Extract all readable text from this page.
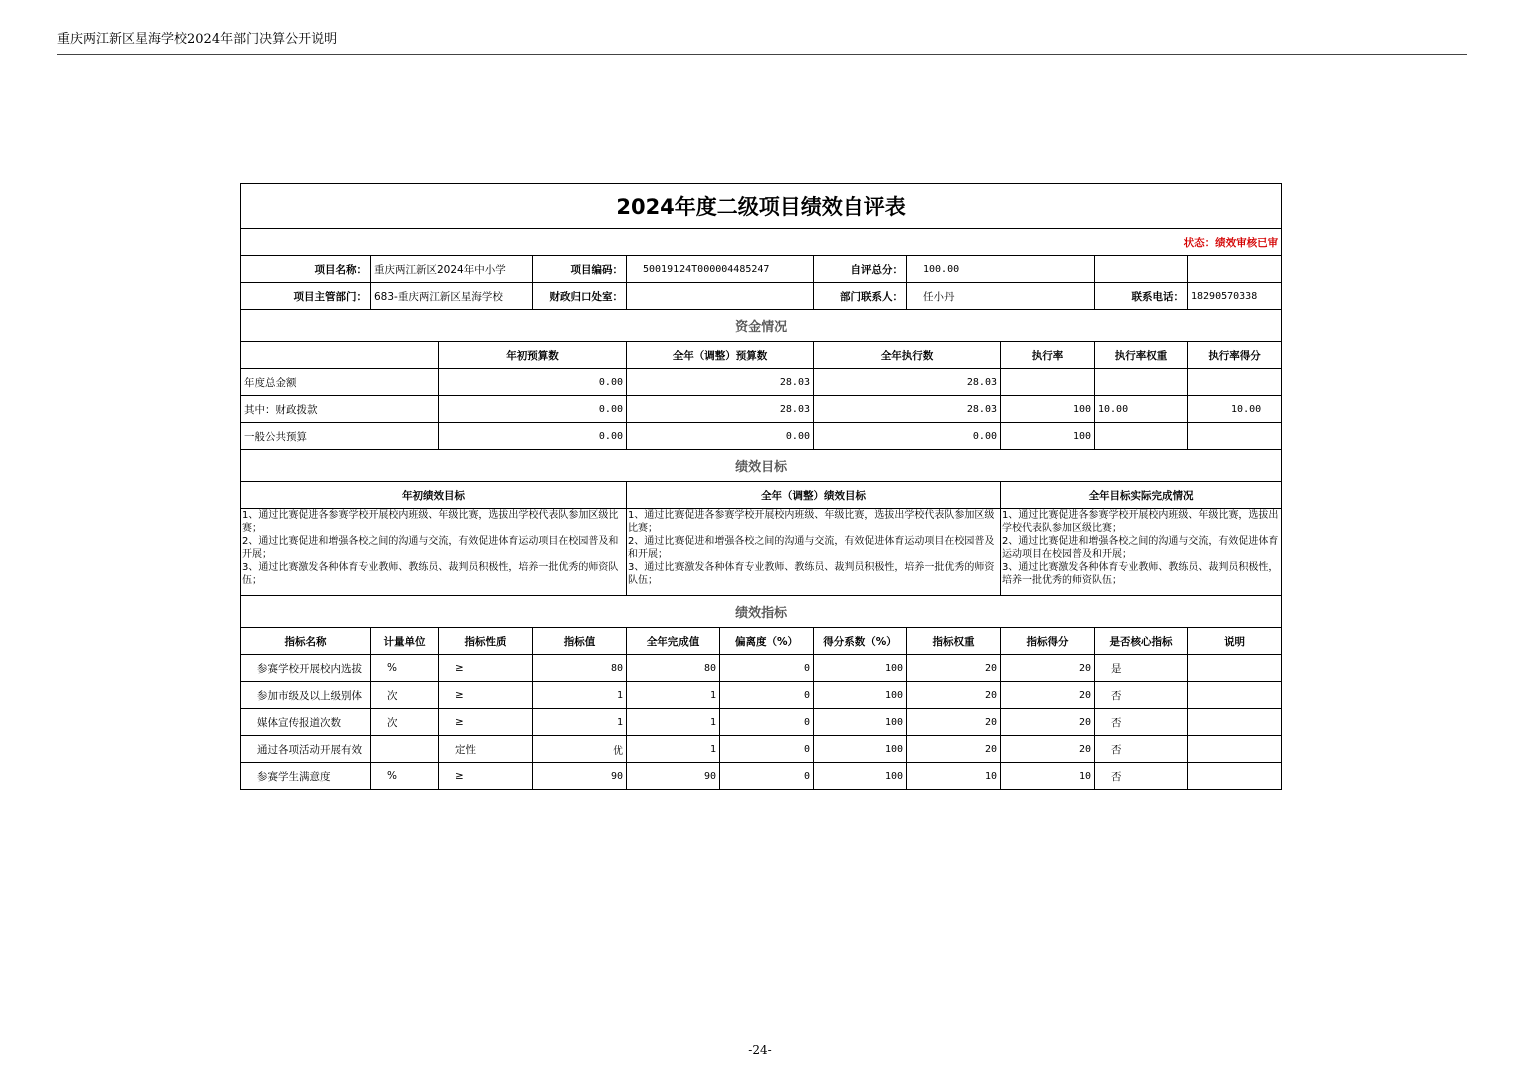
重庆两江新区星海学校2024年部门决算公开说明
2024年度二级项目绩效自评表										
状态：绩效审核已审										
项目名称：	重庆两江新区2024年中小学		项目编码：	50019124T000004485247		自评总分：	100.00			
项目主管部门：	683-重庆两江新区星海学校		财政归口处室：			部门联系人：	任小丹		联系电话：	18290570338
资金情况										
		年初预算数		全年（调整）预算数		全年执行数		执行率	执行率权重	执行率得分
年度总金额		0.00		28.03		28.03				
其中：财政拨款		0.00		28.03		28.03		100	10.00	10.00
一般公共预算		0.00		0.00		0.00		100		
绩效目标										
年初绩效目标				全年（调整）绩效目标				全年目标实际完成情况		

1、通过比赛促进各参赛学校开展校内班级、年级比赛，选拔出学校代表队参加区级比赛；
2、通过比赛促进和增强各校之间的沟通与交流，有效促进体育运动项目在校园普及和开展；
3、通过比赛激发各种体育专业教师、教练员、裁判员积极性，培养一批优秀的师资队伍；				1、通过比赛促进各参赛学校开展校内班级、年级比赛，选拔出学校代表队参加区级比赛；
2、通过比赛促进和增强各校之间的沟通与交流，有效促进体育运动项目在校园普及和开展；
3、通过比赛激发各种体育专业教师、教练员、裁判员积极性，培养一批优秀的师资队伍；				1、通过比赛促进各参赛学校开展校内班级、年级比赛，选拔出学校代表队参加区级比赛；
2、通过比赛促进和增强各校之间的沟通与交流，有效促进体育运动项目在校园普及和开展；
3、通过比赛激发各种体育专业教师、教练员、裁判员积极性，培养一批优秀的师资队伍；		

绩效指标										
指标名称	计量单位	指标性质	指标值	全年完成值	偏离度（%）	得分系数（%）	指标权重	指标得分	是否核心指标	说明
参赛学校开展校内选拔	%	≥	80	80	0	100	20	20	是	
参加市级及以上级别体	次	≥	1	1	0	100	20	20	否	
媒体宣传报道次数	次	≥	1	1	0	100	20	20	否	
通过各项活动开展有效		定性	优	1	0	100	20	20	否	
参赛学生满意度	%	≥	90	90	0	100	10	10	否	
-24-
